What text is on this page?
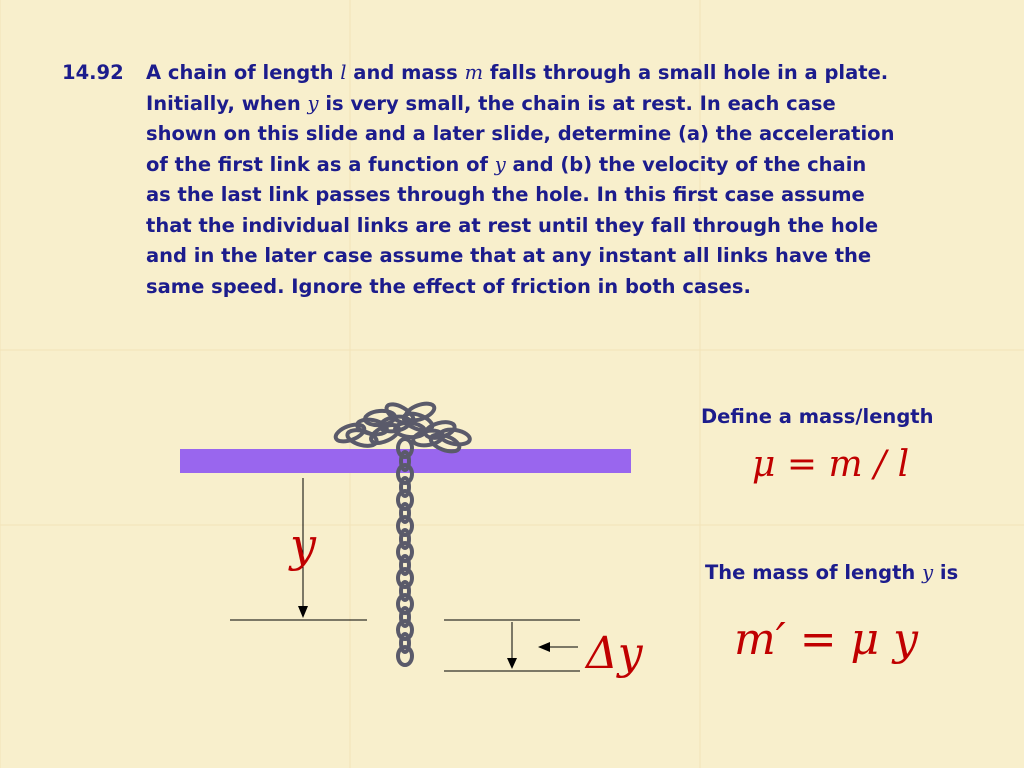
14.92 A chain of length l and mass m falls through a small hole in a plate.
Initially, when y is very small, the chain is at rest. In each case
shown on this slide and a later slide, determine (a) the acceleration
of the first link as a function of y and (b) the velocity of the chain
as the last link passes through the hole. In this first case assume
that the individual links are at rest until they fall through the hole
and in the later case assume that at any instant all links have the
same speed. Ignore the effect of friction in both cases.
y
Δy
Define a mass/length
μ = m / l
The mass of length y is
m′ = μ y
